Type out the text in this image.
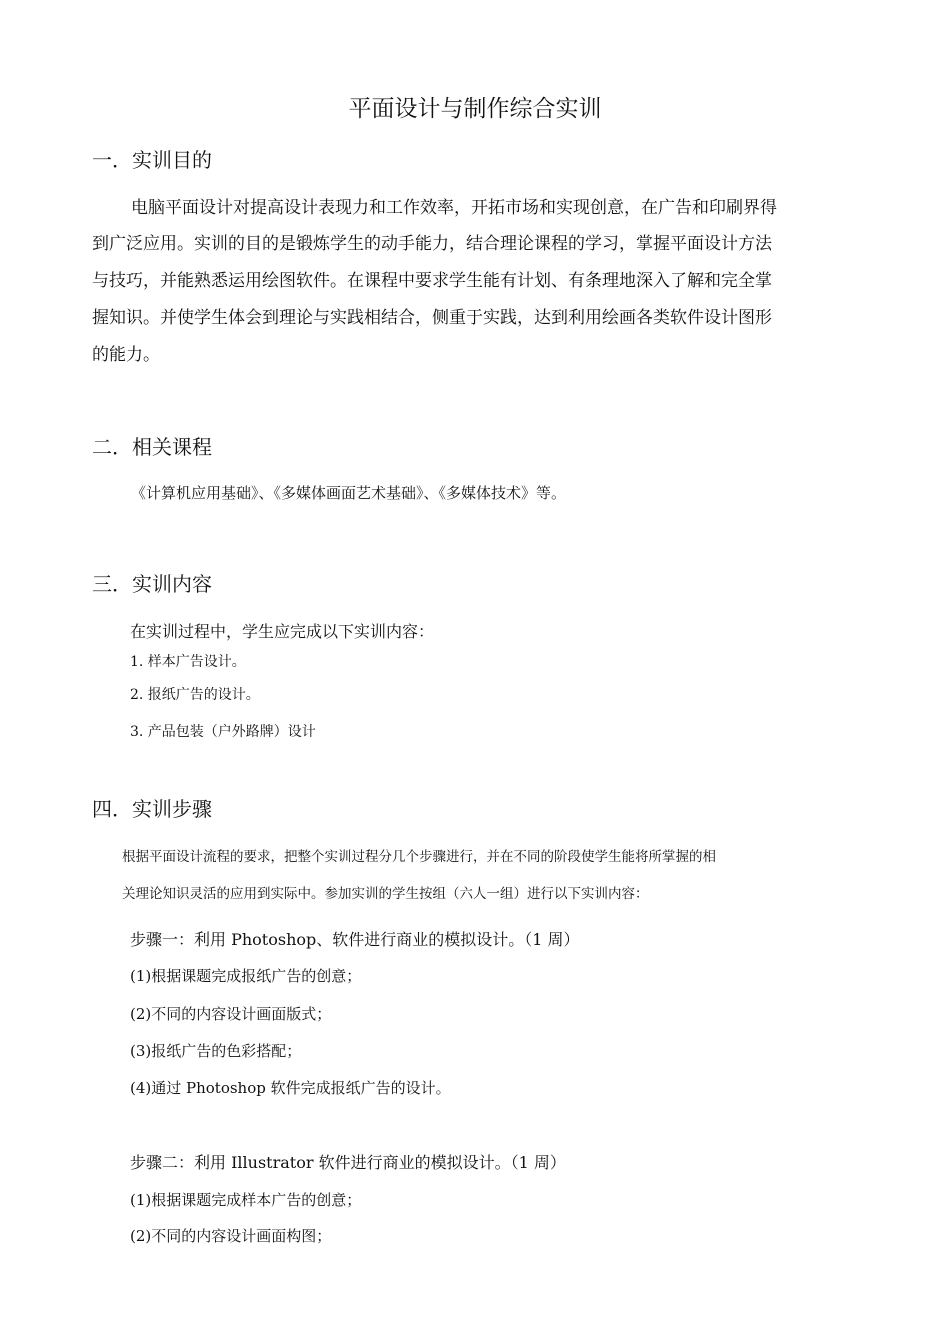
平面设计与制作综合实训
一．实训目的
电脑平面设计对提高设计表现力和工作效率，开拓市场和实现创意，在广告和印刷界得
到广泛应用。实训的目的是锻炼学生的动手能力，结合理论课程的学习，掌握平面设计方法
与技巧，并能熟悉运用绘图软件。在课程中要求学生能有计划、有条理地深入了解和完全掌
握知识。并使学生体会到理论与实践相结合，侧重于实践，达到利用绘画各类软件设计图形
的能力。
二．相关课程
《计算机应用基础》、《多媒体画面艺术基础》、《多媒体技术》等。
三．实训内容
在实训过程中，学生应完成以下实训内容：
1. 样本广告设计。
2. 报纸广告的设计。
3. 产品包装（户外路牌）设计
四．实训步骤
根据平面设计流程的要求，把整个实训过程分几个步骤进行，并在不同的阶段使学生能将所掌握的相
关理论知识灵活的应用到实际中。参加实训的学生按组（六人一组）进行以下实训内容：
步骤一：利用 Photoshop、软件进行商业的模拟设计。（1 周）
(1)根据课题完成报纸广告的创意；
(2)不同的内容设计画面版式；
(3)报纸广告的色彩搭配；
(4)通过 Photoshop 软件完成报纸广告的设计。
步骤二：利用 Illustrator 软件进行商业的模拟设计。（1 周）
(1)根据课题完成样本广告的创意；
(2)不同的内容设计画面构图；
